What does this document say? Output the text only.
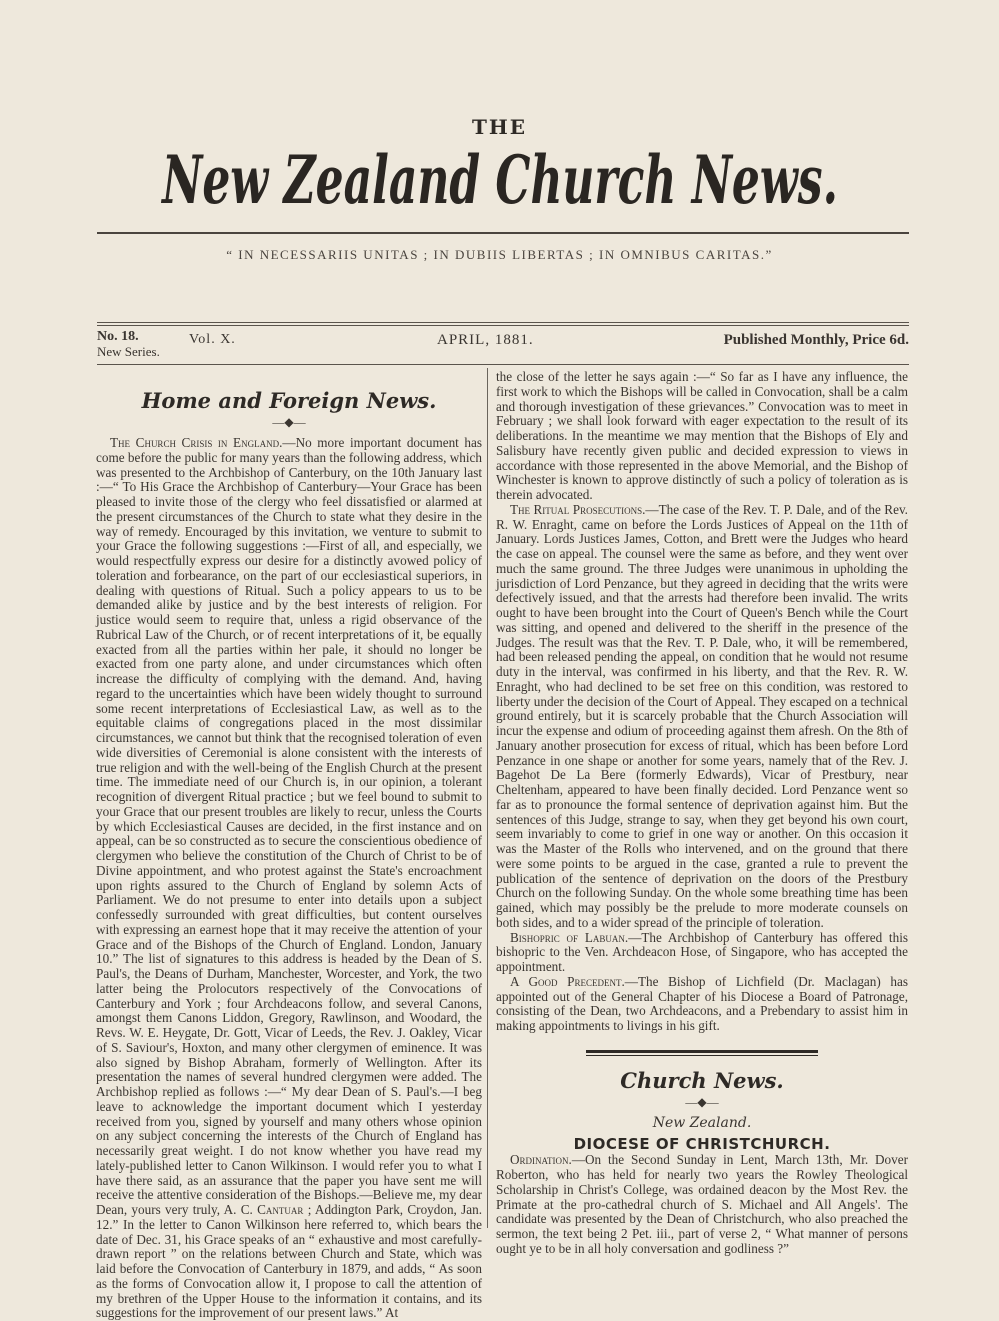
THE
New Zealand Church News.
“ IN NECESSARIIS UNITAS ; IN DUBIIS LIBERTAS ; IN OMNIBUS CARITAS.”
No. 18.
New Series.
Vol. X.	APRIL, 1881.	Published Monthly, Price 6d.
Home and Foreign News.
—◆—

The Church Crisis in England.—No more important document has come before the public for many years than the following address, which was presented to the Archbishop of Canterbury, on the 10th January last :—“ To His Grace the Archbishop of Canterbury—Your Grace has been pleased to invite those of the clergy who feel dissatisfied or alarmed at the present circumstances of the Church to state what they desire in the way of remedy. Encouraged by this invitation, we venture to submit to your Grace the following suggestions :—First of all, and especially, we would respectfully express our desire for a distinctly avowed policy of toleration and forbearance, on the part of our ecclesiastical superiors, in dealing with questions of Ritual. Such a policy appears to us to be demanded alike by justice and by the best interests of religion. For justice would seem to require that, unless a rigid observance of the Rubrical Law of the Church, or of recent interpretations of it, be equally exacted from all the parties within her pale, it should no longer be exacted from one party alone, and under circumstances which often increase the difficulty of complying with the demand. And, having regard to the uncertainties which have been widely thought to surround some recent interpretations of Ecclesiastical Law, as well as to the equitable claims of congregations placed in the most dissimilar circumstances, we cannot but think that the recognised toleration of even wide diversities of Ceremonial is alone consistent with the interests of true religion and with the well-being of the English Church at the present time. The immediate need of our Church is, in our opinion, a tolerant recognition of divergent Ritual practice ; but we feel bound to submit to your Grace that our present troubles are likely to recur, unless the Courts by which Ecclesiastical Causes are decided, in the first instance and on appeal, can be so constructed as to secure the conscientious obedience of clergymen who believe the constitution of the Church of Christ to be of Divine appointment, and who protest against the State's encroachment upon rights assured to the Church of England by solemn Acts of Parliament. We do not presume to enter into details upon a subject confessedly surrounded with great difficulties, but content ourselves with expressing an earnest hope that it may receive the attention of your Grace and of the Bishops of the Church of England. London, January 10.” The list of signatures to this address is headed by the Dean of S. Paul's, the Deans of Durham, Manchester, Worcester, and York, the two latter being the Prolocutors respectively of the Convocations of Canterbury and York ; four Archdeacons follow, and several Canons, amongst them Canons Liddon, Gregory, Rawlinson, and Woodard, the Revs. W. E. Heygate, Dr. Gott, Vicar of Leeds, the Rev. J. Oakley, Vicar of S. Saviour's, Hoxton, and many other clergymen of eminence. It was also signed by Bishop Abraham, formerly of Wellington. After its presentation the names of several hundred clergymen were added. The Archbishop replied as follows :—“ My dear Dean of S. Paul's.—I beg leave to acknowledge the important document which I yesterday received from you, signed by yourself and many others whose opinion on any subject concerning the interests of the Church of England has necessarily great weight. I do not know whether you have read my lately-published letter to Canon Wilkinson. I would refer you to what I have there said, as an assurance that the paper you have sent me will receive the attentive consideration of the Bishops.—Believe me, my dear Dean, yours very truly, A. C. Cantuar ; Addington Park, Croydon, Jan. 12.” In the letter to Canon Wilkinson here referred to, which bears the date of Dec. 31, his Grace speaks of an “ exhaustive and most carefully-drawn report ” on the relations between Church and State, which was laid before the Convocation of Canterbury in 1879, and adds, “ As soon as the forms of Convocation allow it, I propose to call the attention of my brethren of the Upper House to the information it contains, and its suggestions for the improvement of our present laws.” At

the close of the letter he says again :—“ So far as I have any influence, the first work to which the Bishops will be called in Convocation, shall be a calm and thorough investigation of these grievances.” Convocation was to meet in February ; we shall look forward with eager expectation to the result of its deliberations. In the meantime we may mention that the Bishops of Ely and Salisbury have recently given public and decided expression to views in accordance with those represented in the above Memorial, and the Bishop of Winchester is known to approve distinctly of such a policy of toleration as is therein advocated.

The Ritual Prosecutions.—The case of the Rev. T. P. Dale, and of the Rev. R. W. Enraght, came on before the Lords Justices of Appeal on the 11th of January. Lords Justices James, Cotton, and Brett were the Judges who heard the case on appeal. The counsel were the same as before, and they went over much the same ground. The three Judges were unanimous in upholding the jurisdiction of Lord Penzance, but they agreed in deciding that the writs were defectively issued, and that the arrests had therefore been invalid. The writs ought to have been brought into the Court of Queen's Bench while the Court was sitting, and opened and delivered to the sheriff in the presence of the Judges. The result was that the Rev. T. P. Dale, who, it will be remembered, had been released pending the appeal, on condition that he would not resume duty in the interval, was confirmed in his liberty, and that the Rev. R. W. Enraght, who had declined to be set free on this condition, was restored to liberty under the decision of the Court of Appeal. They escaped on a technical ground entirely, but it is scarcely probable that the Church Association will incur the expense and odium of proceeding against them afresh. On the 8th of January another prosecution for excess of ritual, which has been before Lord Penzance in one shape or another for some years, namely that of the Rev. J. Bagehot De La Bere (formerly Edwards), Vicar of Prestbury, near Cheltenham, appeared to have been finally decided. Lord Penzance went so far as to pronounce the formal sentence of deprivation against him. But the sentences of this Judge, strange to say, when they get beyond his own court, seem invariably to come to grief in one way or another. On this occasion it was the Master of the Rolls who intervened, and on the ground that there were some points to be argued in the case, granted a rule to prevent the publication of the sentence of deprivation on the doors of the Prestbury Church on the following Sunday. On the whole some breathing time has been gained, which may possibly be the prelude to more moderate counsels on both sides, and to a wider spread of the principle of toleration.

Bishopric of Labuan.—The Archbishop of Canterbury has offered this bishopric to the Ven. Archdeacon Hose, of Singapore, who has accepted the appointment.

A Good Precedent.—The Bishop of Lichfield (Dr. Maclagan) has appointed out of the General Chapter of his Diocese a Board of Patronage, consisting of the Dean, two Archdeacons, and a Prebendary to assist him in making appointments to livings in his gift.

Church News.
—◆—
New Zealand.
DIOCESE OF CHRISTCHURCH.

Ordination.—On the Second Sunday in Lent, March 13th, Mr. Dover Roberton, who has held for nearly two years the Rowley Theological Scholarship in Christ's College, was ordained deacon by the Most Rev. the Primate at the pro-cathedral church of S. Michael and All Angels'. The candidate was presented by the Dean of Christchurch, who also preached the sermon, the text being 2 Pet. iii., part of verse 2, “ What manner of persons ought ye to be in all holy conversation and godliness ?”
